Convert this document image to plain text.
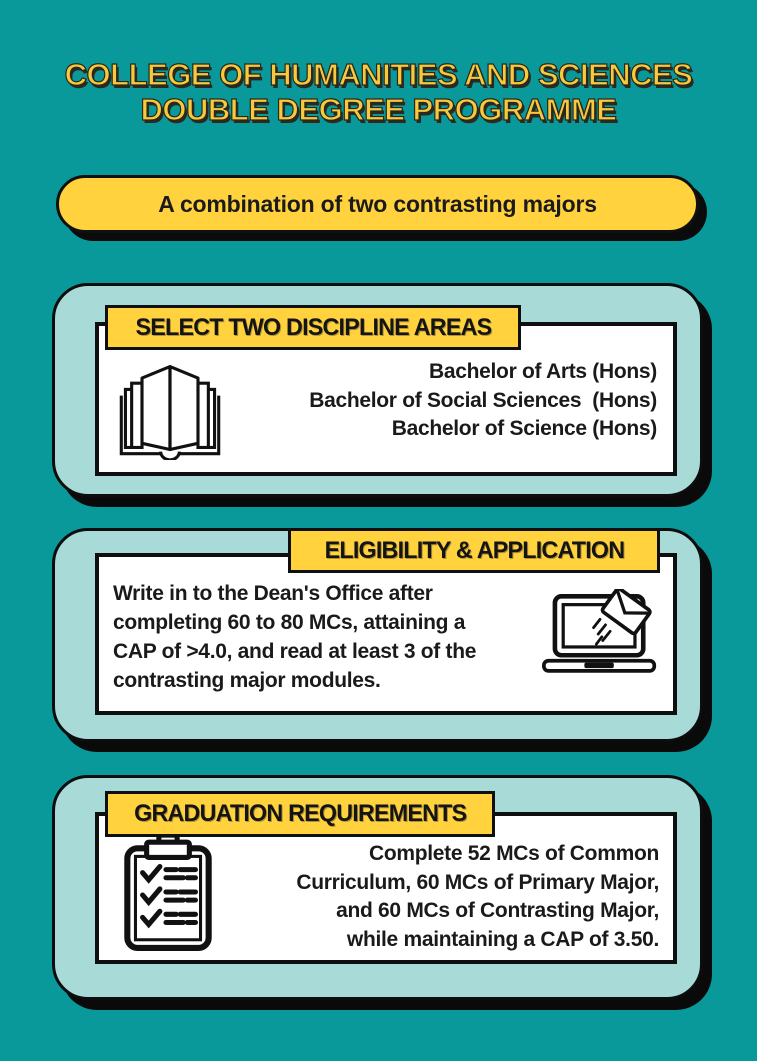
COLLEGE OF HUMANITIES AND SCIENCES
DOUBLE DEGREE PROGRAMME
A combination of two contrasting majors
SELECT TWO DISCIPLINE AREAS
Bachelor of Arts (Hons)
Bachelor of Social Sciences  (Hons)
Bachelor of Science (Hons)
ELIGIBILITY & APPLICATION
Write in to the Dean's Office after
completing 60 to 80 MCs, attaining a
CAP of >4.0, and read at least 3 of the
contrasting major modules.
GRADUATION REQUIREMENTS
Complete 52 MCs of Common
Curriculum, 60 MCs of Primary Major,
and 60 MCs of Contrasting Major,
while maintaining a CAP of 3.50.
